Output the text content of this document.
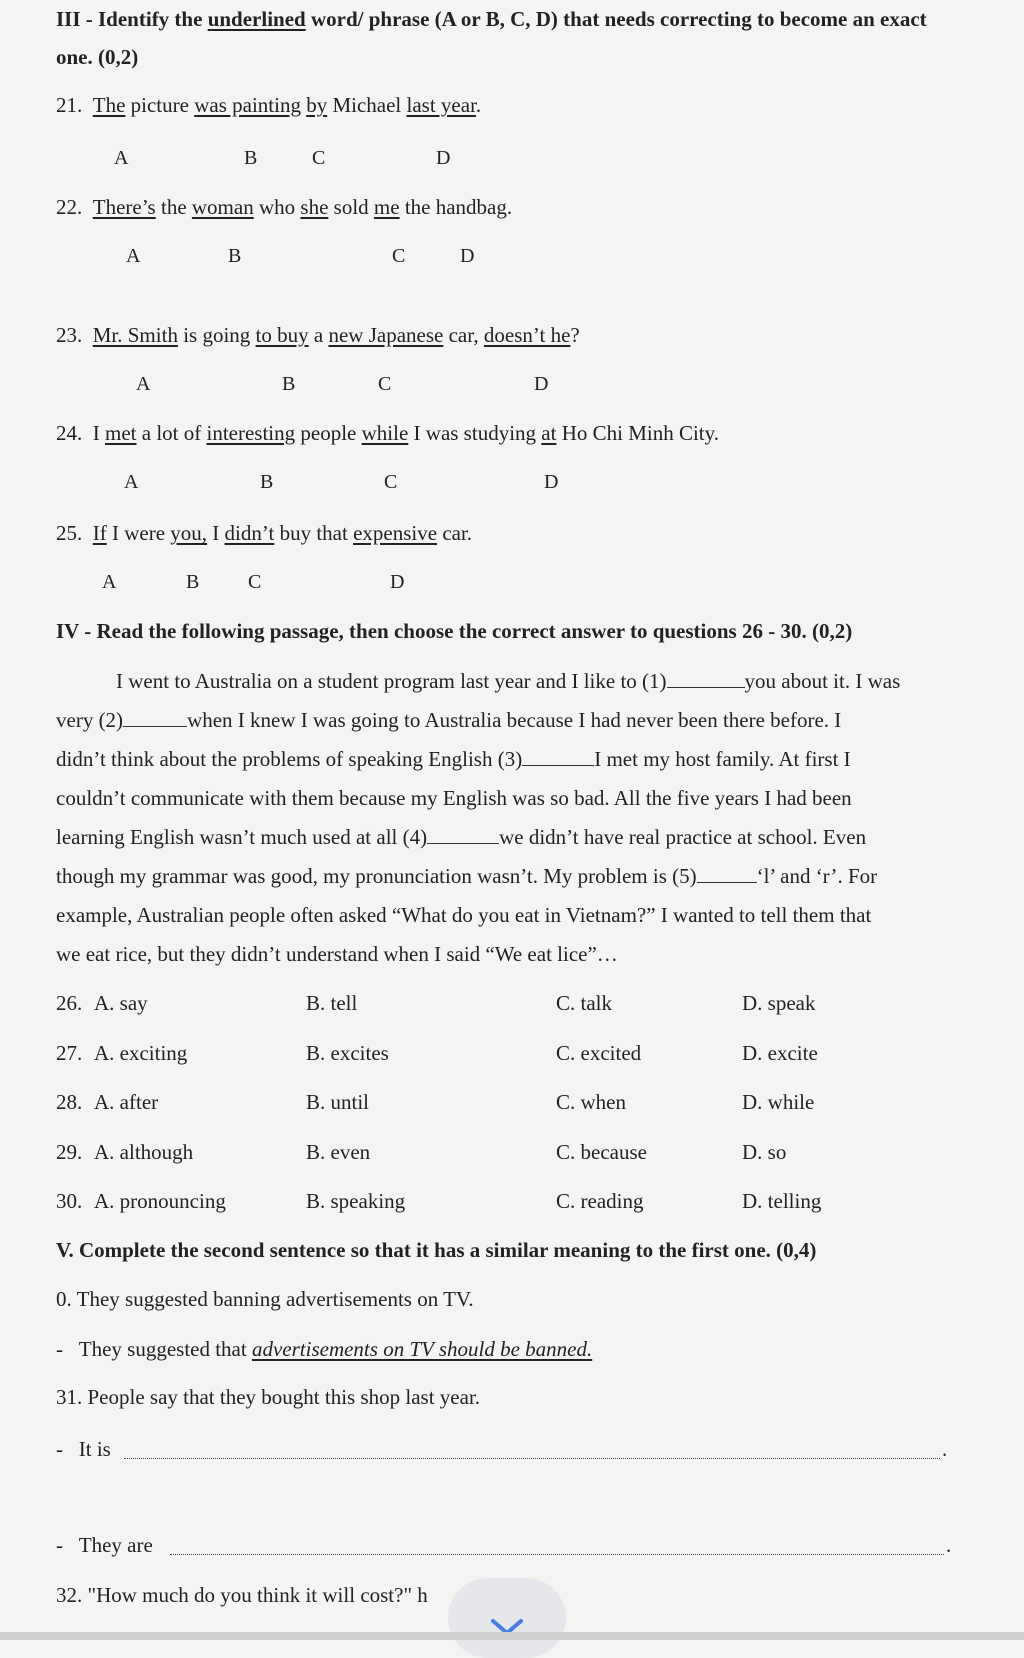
III - Identify the underlined word/ phrase (A or B, C, D) that needs correcting to become an exact
one. (0,2)
21. The picture was painting by Michael last year.
A	B	C	D
22. There’s the woman who she sold me the handbag.
A	B	C	D
23. Mr. Smith is going to buy a new Japanese car, doesn’t he?
A	B	C	D
24. I met a lot of interesting people while I was studying at Ho Chi Minh City.
A	B	C	D
25. If I were you, I didn’t buy that expensive car.
A	B C	D
IV - Read the following passage, then choose the correct answer to questions 26 - 30. (0,2)
I went to Australia on a student program last year and I like to (1)	you about it. I was
very (2)	when I knew I was going to Australia because I had never been there before. I
didn’t think about the problems of speaking English (3)	I met my host family. At first I
couldn’t communicate with them because my English was so bad. All the five years I had been
learning English wasn’t much used at all (4)	we didn’t have real practice at school. Even
though my grammar was good, my pronunciation wasn’t. My problem is (5)	‘l’ and ‘r’. For
example, Australian people often asked “What do you eat in Vietnam?” I wanted to tell them that
we eat rice, but they didn’t understand when I said “We eat lice”…
26. A. say	B. tell	C. talk	D. speak
27. A. exciting	B. excites	C. excited	D. excite
28. A. after	B. until	C. when	D. while
29. A. although	B. even	C. because	D. so
30. A. pronouncing	B. speaking	C. reading	D. telling
V. Complete the second sentence so that it has a similar meaning to the first one. (0,4)
0. They suggested banning advertisements on TV.
- They suggested that advertisements on TV should be banned.
31. People say that they bought this shop last year.
- It is	.
- They are	.
32. "How much do you think it will cost?" h
